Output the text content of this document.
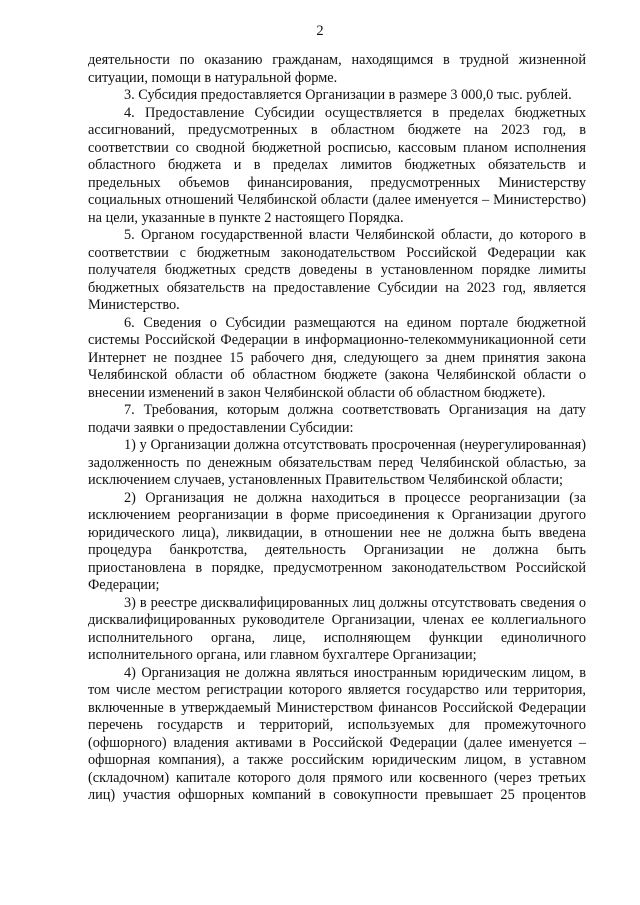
2

деятельности по оказанию гражданам, находящимся в трудной жизненной ситуации, помощи в натуральной форме.

3. Субсидия предоставляется Организации в размере 3 000,0 тыс. рублей.

4. Предоставление Субсидии осуществляется в пределах бюджетных ассигнований, предусмотренных в областном бюджете на 2023 год, в соответствии со сводной бюджетной росписью, кассовым планом исполнения областного бюджета и в пределах лимитов бюджетных обязательств и предельных объемов финансирования, предусмотренных Министерству социальных отношений Челябинской области (далее именуется – Министерство) на цели, указанные в пункте 2 настоящего Порядка.

5. Органом государственной власти Челябинской области, до которого в соответствии с бюджетным законодательством Российской Федерации как получателя бюджетных средств доведены в установленном порядке лимиты бюджетных обязательств на предоставление Субсидии на 2023 год, является Министерство.

6. Сведения о Субсидии размещаются на едином портале бюджетной системы Российской Федерации в информационно-телекоммуникационной сети Интернет не позднее 15 рабочего дня, следующего за днем принятия закона Челябинской области об областном бюджете (закона Челябинской области о внесении изменений в закон Челябинской области об областном бюджете).

7. Требования, которым должна соответствовать Организация на дату подачи заявки о предоставлении Субсидии:

1) у Организации должна отсутствовать просроченная (неурегулированная) задолженность по денежным обязательствам перед Челябинской областью, за исключением случаев, установленных Правительством Челябинской области;

2) Организация не должна находиться в процессе реорганизации (за исключением реорганизации в форме присоединения к Организации другого юридического лица), ликвидации, в отношении нее не должна быть введена процедура банкротства, деятельность Организации не должна быть приостановлена в порядке, предусмотренном законодательством Российской Федерации;

3) в реестре дисквалифицированных лиц должны отсутствовать сведения о дисквалифицированных руководителе Организации, членах ее коллегиального исполнительного органа, лице, исполняющем функции единоличного исполнительного органа, или главном бухгалтере Организации;

4) Организация не должна являться иностранным юридическим лицом, в том числе местом регистрации которого является государство или территория, включенные в утверждаемый Министерством финансов Российской Федерации перечень государств и территорий, используемых для промежуточного (офшорного) владения активами в Российской Федерации (далее именуется – офшорная компания), а также российским юридическим лицом, в уставном (складочном) капитале которого доля прямого или косвенного (через третьих лиц) участия офшорных компаний в совокупности превышает 25 процентов
